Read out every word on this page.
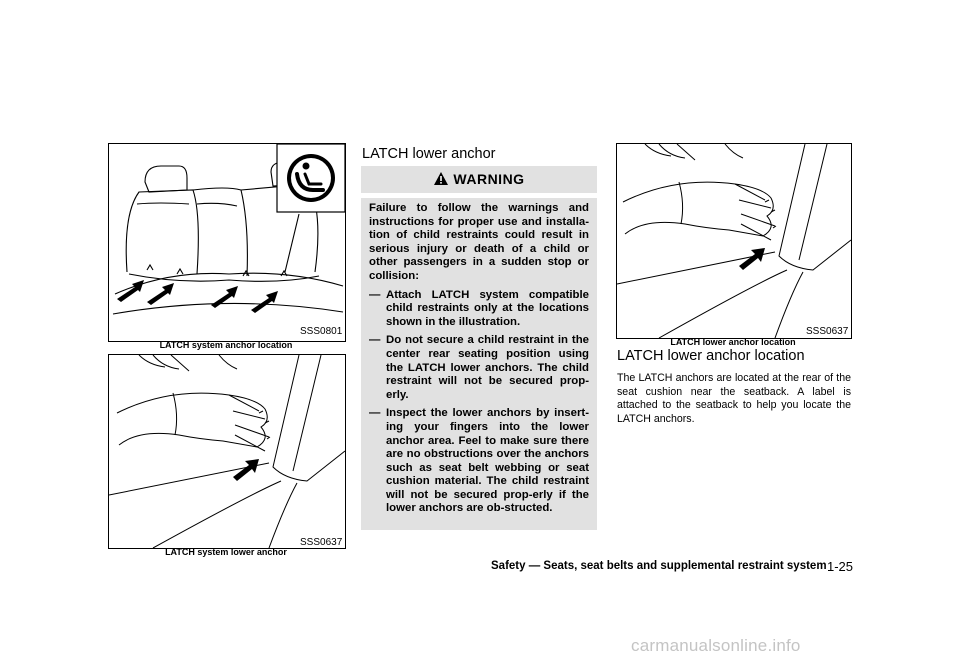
SSS0801
LATCH system anchor location
SSS0637
LATCH system lower anchor
LATCH lower anchor
WARNING

Failure to follow the warnings and instructions for proper use and installa-tion of child restraints could result in serious injury or death of a child or other passengers in a sudden stop or collision:

— Attach LATCH system compatible child restraints only at the locations shown in the illustration.
— Do not secure a child restraint in the center rear seating position using the LATCH lower anchors. The child restraint will not be secured prop-erly.
— Inspect the lower anchors by insert-ing your fingers into the lower anchor area. Feel to make sure there are no obstructions over the anchors such as seat belt webbing or seat cushion material. The child restraint will not be secured prop-erly if the lower anchors are ob-structed.
SSS0637
LATCH lower anchor location
LATCH lower anchor location
The LATCH anchors are located at the rear of the seat cushion near the seatback. A label is attached to the seatback to help you locate the LATCH anchors.
Safety — Seats, seat belts and supplemental restraint system 1-25
carmanualsonline.info
